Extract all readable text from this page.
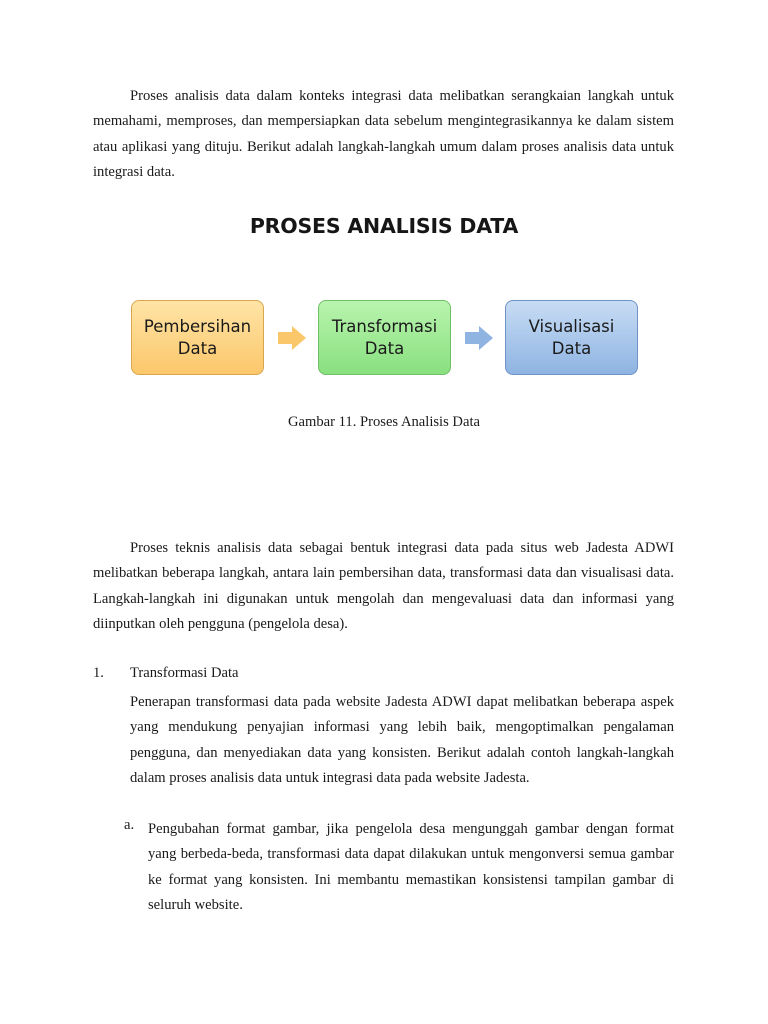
Proses analisis data dalam konteks integrasi data melibatkan serangkaian langkah untuk memahami, memproses, dan mempersiapkan data sebelum mengintegrasikannya ke dalam sistem atau aplikasi yang dituju. Berikut adalah langkah-langkah umum dalam proses analisis data untuk integrasi data.

PROSES ANALISIS DATA
Pembersihan
Data
Transformasi
Data
Visualisasi
Data

Gambar 11. Proses Analisis Data

Proses teknis analisis data sebagai bentuk integrasi data pada situs web Jadesta ADWI melibatkan beberapa langkah, antara lain pembersihan data, transformasi data dan visualisasi data. Langkah-langkah ini digunakan untuk mengolah dan mengevaluasi data dan informasi yang diinputkan oleh pengguna (pengelola desa).

1. Transformasi Data

Penerapan transformasi data pada website Jadesta ADWI dapat melibatkan beberapa aspek yang mendukung penyajian informasi yang lebih baik, mengoptimalkan pengalaman pengguna, dan menyediakan data yang konsisten. Berikut adalah contoh langkah-langkah dalam proses analisis data untuk integrasi data pada website Jadesta.

a. Pengubahan format gambar, jika pengelola desa mengunggah gambar dengan format yang berbeda-beda, transformasi data dapat dilakukan untuk mengonversi semua gambar ke format yang konsisten. Ini membantu memastikan konsistensi tampilan gambar di seluruh website.
